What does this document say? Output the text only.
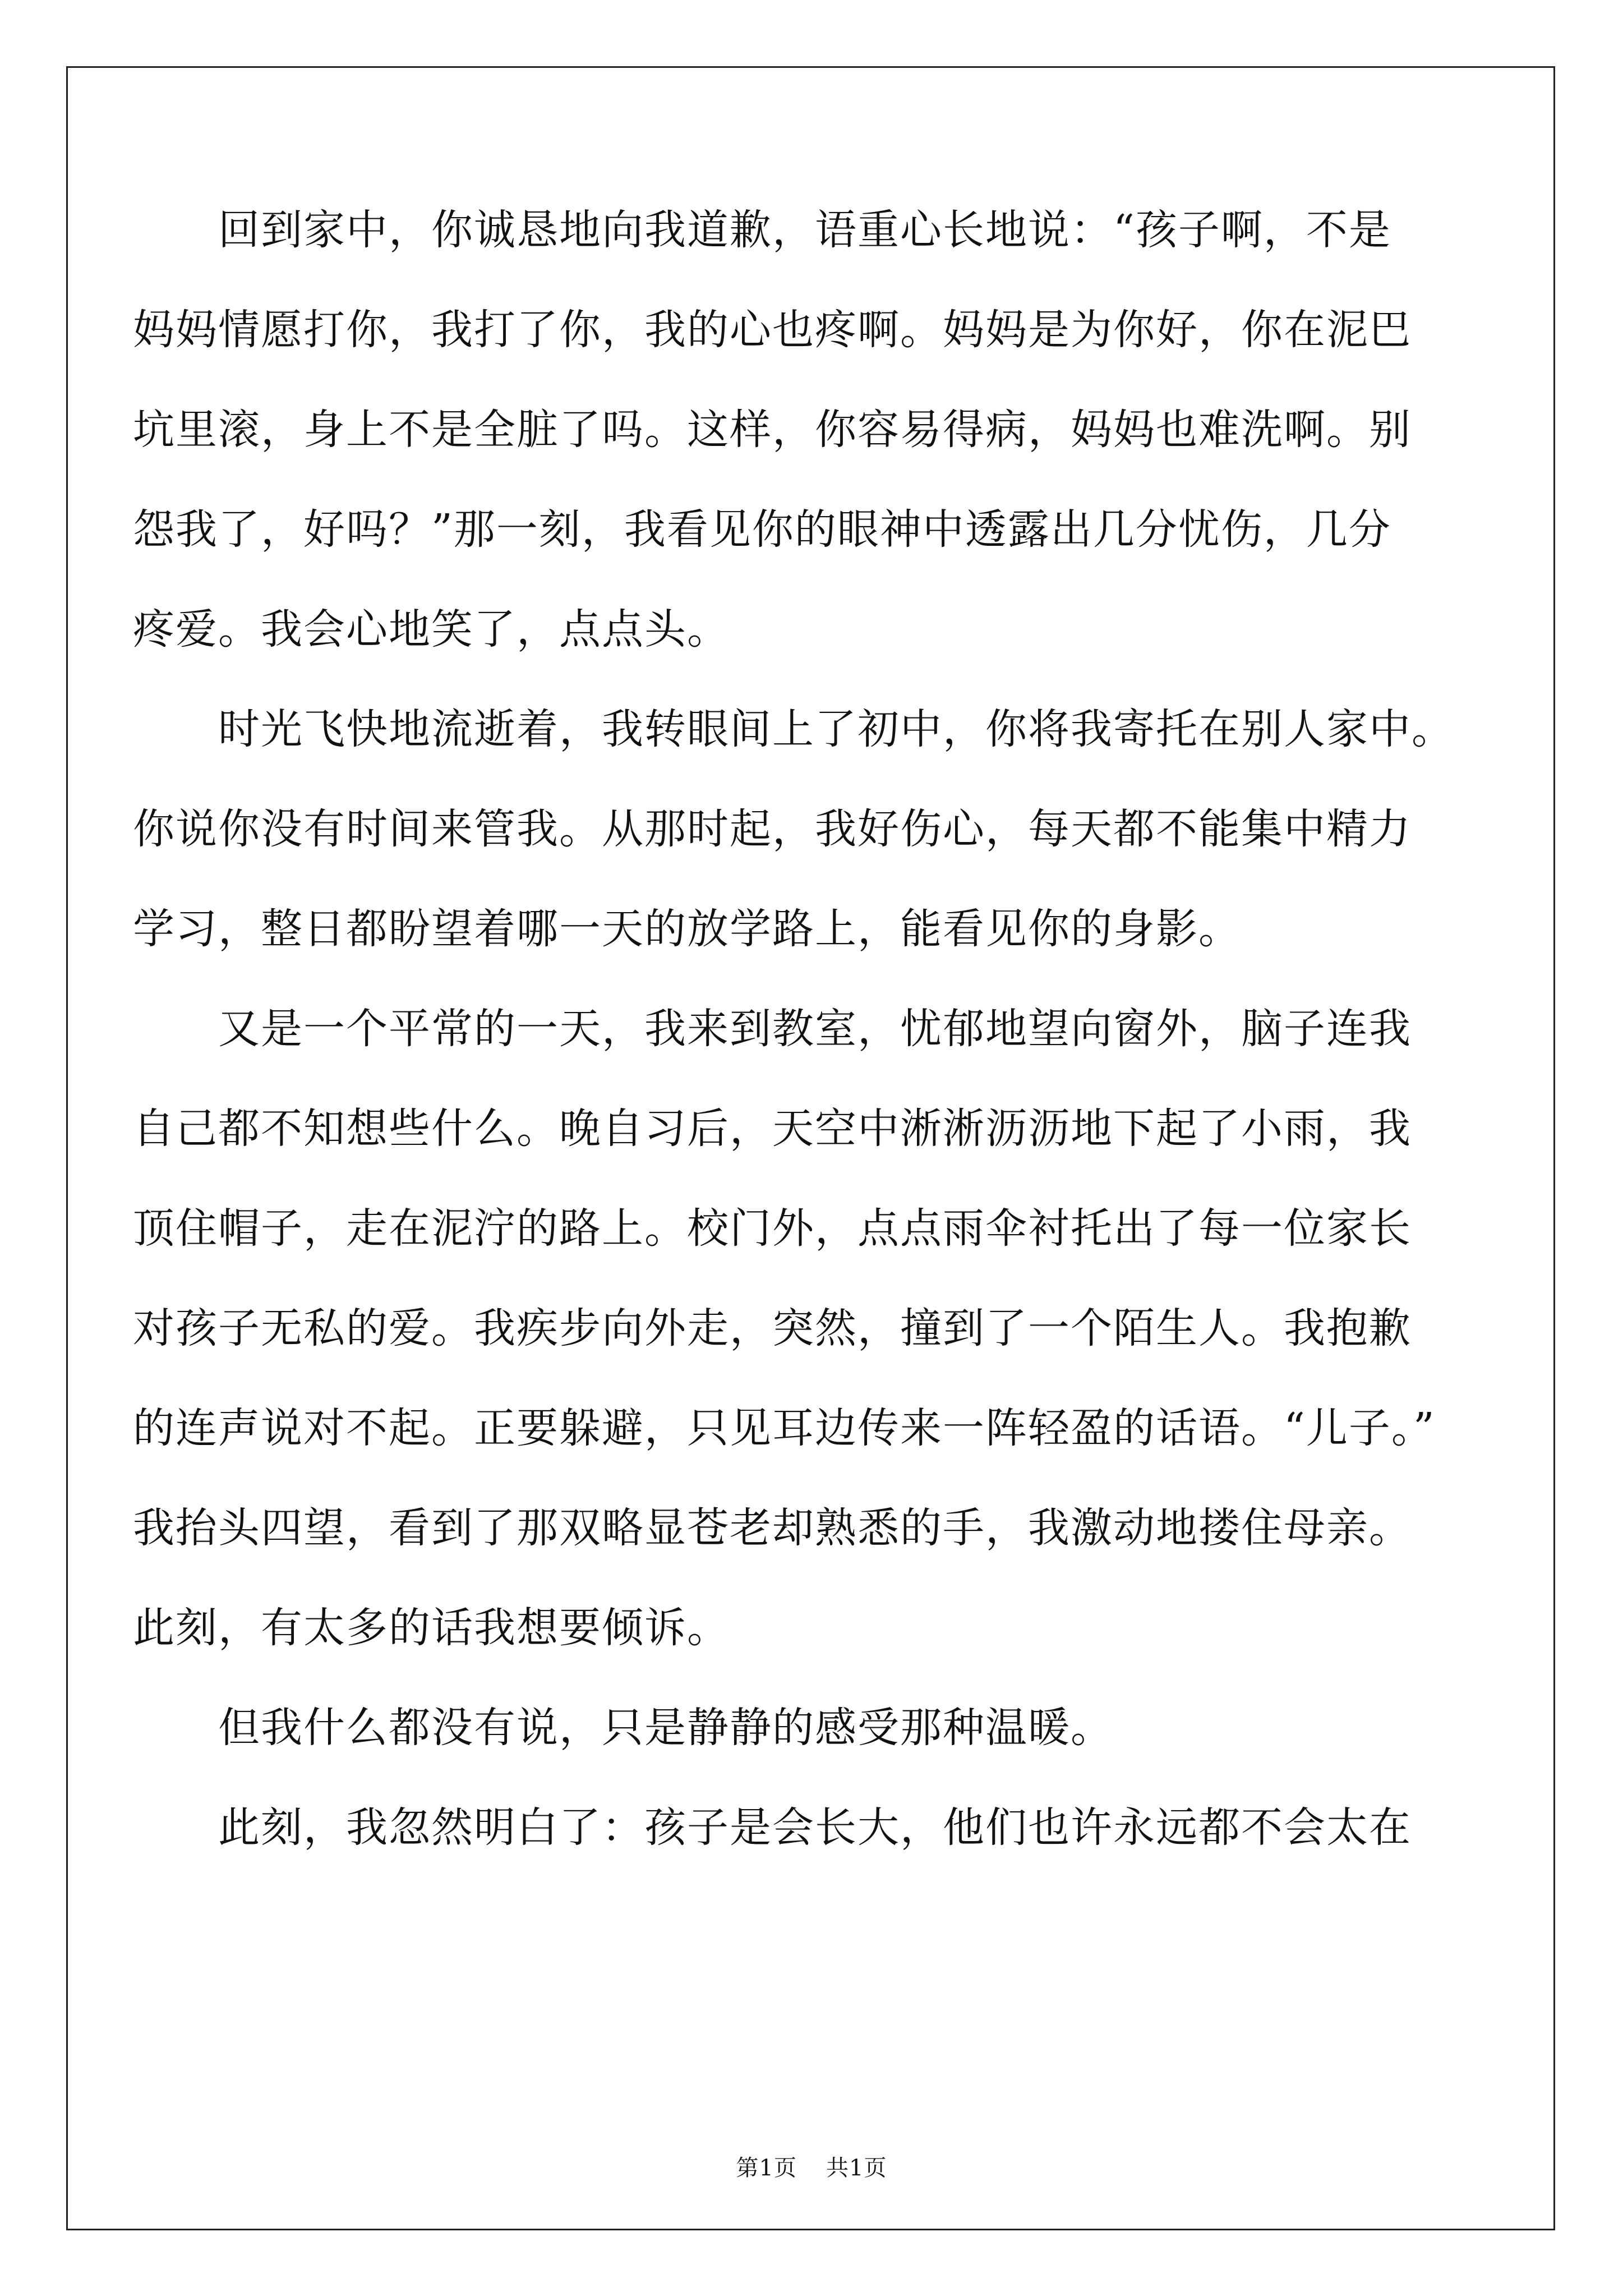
　　回到家中，你诚恳地向我道歉，语重心长地说：“孩子啊，不是
妈妈情愿打你，我打了你，我的心也疼啊。妈妈是为你好，你在泥巴
坑里滚，身上不是全脏了吗。这样，你容易得病，妈妈也难洗啊。别
怨我了，好吗？”那一刻，我看见你的眼神中透露出几分忧伤，几分
疼爱。我会心地笑了，点点头。
　　时光飞快地流逝着，我转眼间上了初中，你将我寄托在别人家中。
你说你没有时间来管我。从那时起，我好伤心，每天都不能集中精力
学习，整日都盼望着哪一天的放学路上，能看见你的身影。
　　又是一个平常的一天，我来到教室，忧郁地望向窗外，脑子连我
自己都不知想些什么。晚自习后，天空中淅淅沥沥地下起了小雨，我
顶住帽子，走在泥泞的路上。校门外，点点雨伞衬托出了每一位家长
对孩子无私的爱。我疾步向外走，突然，撞到了一个陌生人。我抱歉
的连声说对不起。正要躲避，只见耳边传来一阵轻盈的话语。“儿子。”
我抬头四望，看到了那双略显苍老却熟悉的手，我激动地搂住母亲。
此刻，有太多的话我想要倾诉。
　　但我什么都没有说，只是静静的感受那种温暖。
　　此刻，我忽然明白了：孩子是会长大，他们也许永远都不会太在
第1页 共1页
